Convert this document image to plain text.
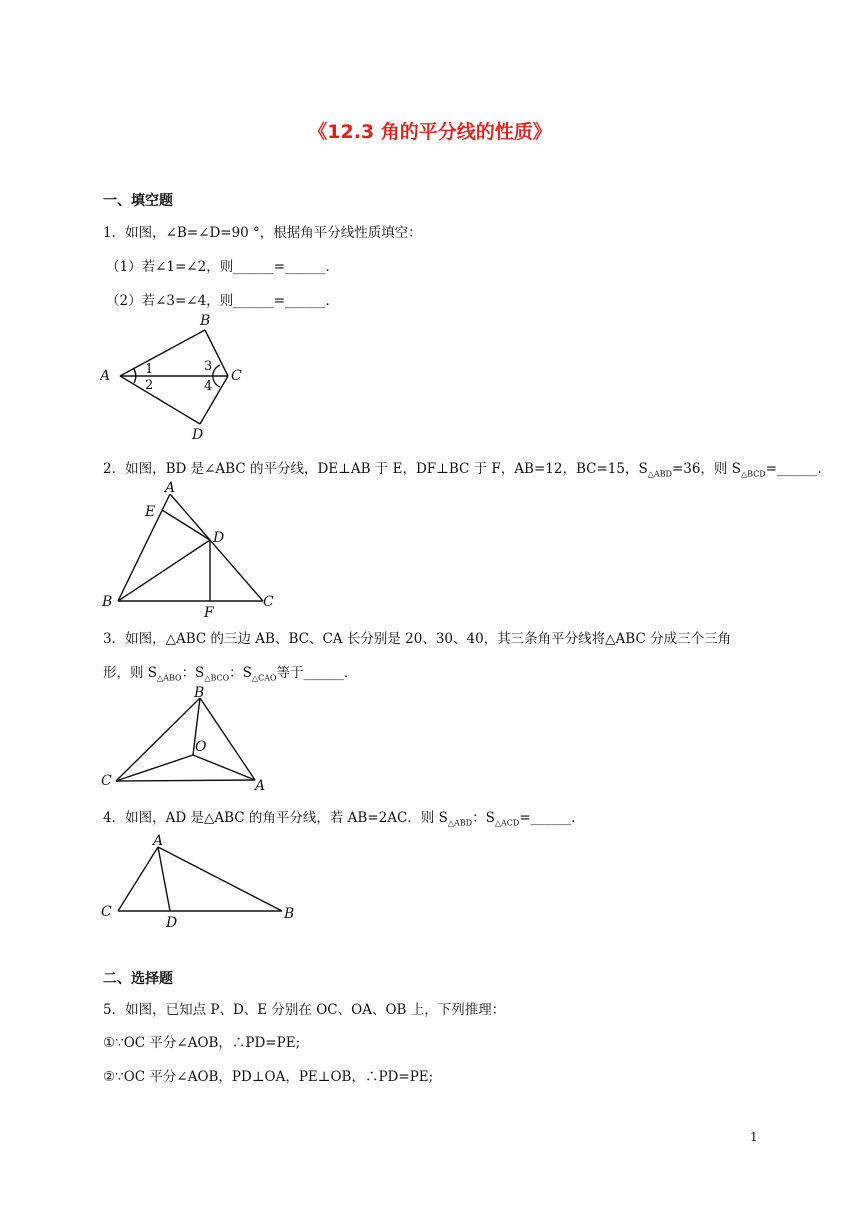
《12.3 角的平分线的性质》
一、填空题
1．如图，∠B=∠D=90 °，根据角平分线性质填空：
（1）若∠1=∠2，则______=______．
（2）若∠3=∠4，则______=______．
A
B
C
D
1
2
3
4
2．如图，BD 是∠ABC 的平分线，DE⊥AB 于 E，DF⊥BC 于 F，AB=12，BC=15，$S_{\triangle ABD}=36$，则 $S_{\triangle BCD}=\_\_\_\_\_\_$．
A
E
D
B
F
C
3．如图，△ABC 的三边 AB、BC、CA 长分别是 20、30、40，其三条角平分线将△ABC 分成三个三角
形，则 $S_{\triangle ABO}$：$S_{\triangle BCO}$：$S_{\triangle CAO}$等于______．
B
O
C	A
4．如图，AD 是△ABC 的角平分线，若 AB=2AC．则 $S_{\triangle ABD}$：$S_{\triangle ACD}=\_\_\_\_\_\_$．
A
C
D
B
二、选择题
5．如图，已知点 P、D、E 分别在 OC、OA、OB 上，下列推理：
①∵OC 平分∠AOB，∴PD=PE;
②∵OC 平分∠AOB，PD⊥OA，PE⊥OB，∴PD=PE;
1
